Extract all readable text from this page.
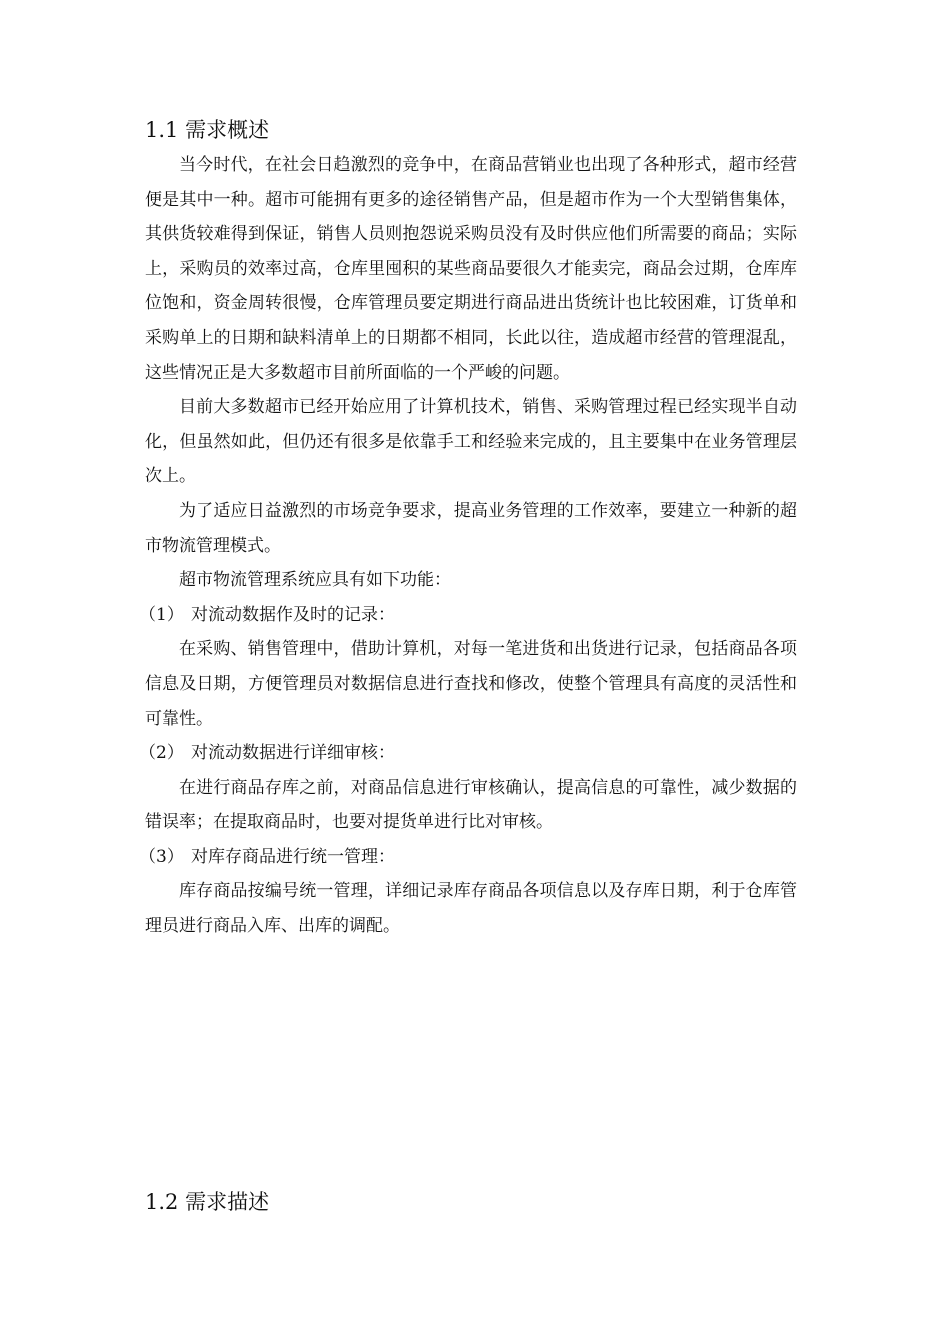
1.1 需求概述

当今时代，在社会日趋激烈的竞争中，在商品营销业也出现了各种形式，超市经营便是其中一种。超市可能拥有更多的途径销售产品，但是超市作为一个大型销售集体，其供货较难得到保证，销售人员则抱怨说采购员没有及时供应他们所需要的商品；实际上，采购员的效率过高，仓库里囤积的某些商品要很久才能卖完，商品会过期，仓库库位饱和，资金周转很慢，仓库管理员要定期进行商品进出货统计也比较困难，订货单和采购单上的日期和缺料清单上的日期都不相同，长此以往，造成超市经营的管理混乱，这些情况正是大多数超市目前所面临的一个严峻的问题。

目前大多数超市已经开始应用了计算机技术，销售、采购管理过程已经实现半自动化，但虽然如此，但仍还有很多是依靠手工和经验来完成的，且主要集中在业务管理层次上。

为了适应日益激烈的市场竞争要求，提高业务管理的工作效率，要建立一种新的超市物流管理模式。

超市物流管理系统应具有如下功能：

（1） 对流动数据作及时的记录：

在采购、销售管理中，借助计算机，对每一笔进货和出货进行记录，包括商品各项信息及日期，方便管理员对数据信息进行查找和修改，使整个管理具有高度的灵活性和可靠性。

（2） 对流动数据进行详细审核：

在进行商品存库之前，对商品信息进行审核确认，提高信息的可靠性，减少数据的错误率；在提取商品时，也要对提货单进行比对审核。

（3） 对库存商品进行统一管理：

库存商品按编号统一管理，详细记录库存商品各项信息以及存库日期，利于仓库管理员进行商品入库、出库的调配。

1.2 需求描述
